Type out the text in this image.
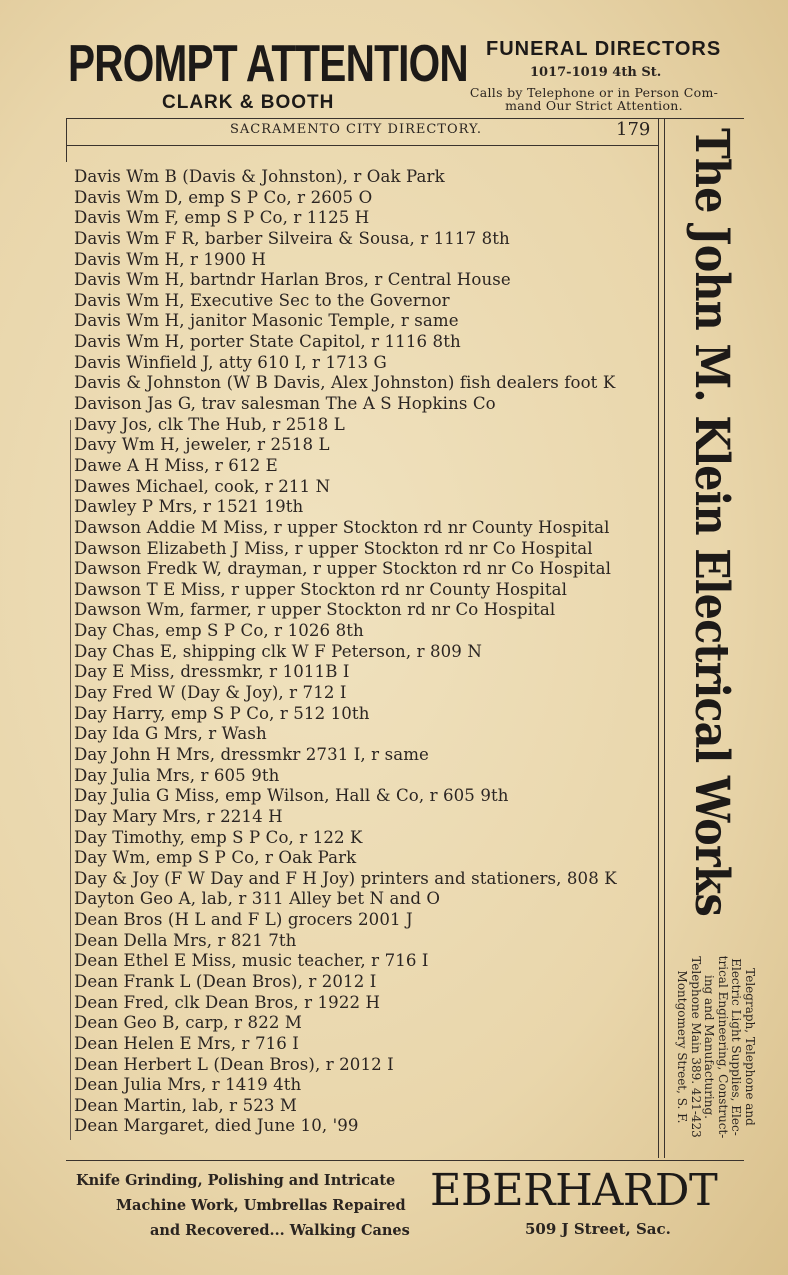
PROMPT ATTENTION
CLARK & BOOTH
FUNERAL DIRECTORS
1017-1019 4th St.
Calls by Telephone or in Person Com-
mand Our Strict Attention.
SACRAMENTO CITY DIRECTORY.	179
Davis Wm B (Davis & Johnston), r Oak Park
Davis Wm D, emp S P Co, r 2605 O
Davis Wm F, emp S P Co, r 1125 H
Davis Wm F R, barber Silveira & Sousa, r 1117 8th
Davis Wm H, r 1900 H
Davis Wm H, bartndr Harlan Bros, r Central House
Davis Wm H, Executive Sec to the Governor
Davis Wm H, janitor Masonic Temple, r same
Davis Wm H, porter State Capitol, r 1116 8th
Davis Winfield J, atty 610 I, r 1713 G
Davis & Johnston (W B Davis, Alex Johnston) fish dealers foot K
Davison Jas G, trav salesman The A S Hopkins Co
Davy Jos, clk The Hub, r 2518 L
Davy Wm H, jeweler, r 2518 L
Dawe A H Miss, r 612 E
Dawes Michael, cook, r 211 N
Dawley P Mrs, r 1521 19th
Dawson Addie M Miss, r upper Stockton rd nr County Hospital
Dawson Elizabeth J Miss, r upper Stockton rd nr Co Hospital
Dawson Fredk W, drayman, r upper Stockton rd nr Co Hospital
Dawson T E Miss, r upper Stockton rd nr County Hospital
Dawson Wm, farmer, r upper Stockton rd nr Co Hospital
Day Chas, emp S P Co, r 1026 8th
Day Chas E, shipping clk W F Peterson, r 809 N
Day E Miss, dressmkr, r 1011B I
Day Fred W (Day & Joy), r 712 I
Day Harry, emp S P Co, r 512 10th
Day Ida G Mrs, r Wash
Day John H Mrs, dressmkr 2731 I, r same
Day Julia Mrs, r 605 9th
Day Julia G Miss, emp Wilson, Hall & Co, r 605 9th
Day Mary Mrs, r 2214 H
Day Timothy, emp S P Co, r 122 K
Day Wm, emp S P Co, r Oak Park
Day & Joy (F W Day and F H Joy) printers and stationers, 808 K
Dayton Geo A, lab, r 311 Alley bet N and O
Dean Bros (H L and F L) grocers 2001 J
Dean Della Mrs, r 821 7th
Dean Ethel E Miss, music teacher, r 716 I
Dean Frank L (Dean Bros), r 2012 I
Dean Fred, clk Dean Bros, r 1922 H
Dean Geo B, carp, r 822 M
Dean Helen E Mrs, r 716 I
Dean Herbert L (Dean Bros), r 2012 I
Dean Julia Mrs, r 1419 4th
Dean Martin, lab, r 523 M
Dean Margaret, died June 10, '99
The John M. Klein Electrical Works
Telegraph, Telephone and
Electric Light Supplies, Elec-
trical Engineering, Construct-
ing and Manufacturing.
Telephone Main 389. 421-423
Montgomery Street, S. F.
Knife Grinding, Polishing and Intricate
Machine Work, Umbrellas Repaired
and Recovered... Walking Canes
EBERHARDT
509 J Street, Sac.
